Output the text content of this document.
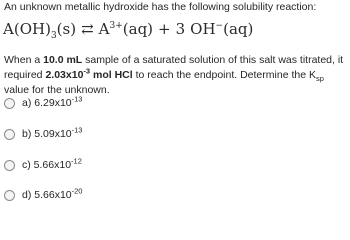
An unknown metallic hydroxide has the following solubility reaction:
$A(OH)_3(s)$ ⇄ $A^{3+}(aq) + 3$ OH−(aq)
When a 10.0 mL sample of a saturated solution of this salt was titrated, it required $2.03x10^{-3}$ mol HCl to reach the endpoint. Determine the $K_{sp}$ value for the unknown.
a) $6.29x10^{-13}$
b) $5.09x10^{-13}$
c) $5.66x10^{-12}$
d) $5.66x10^{-20}$
